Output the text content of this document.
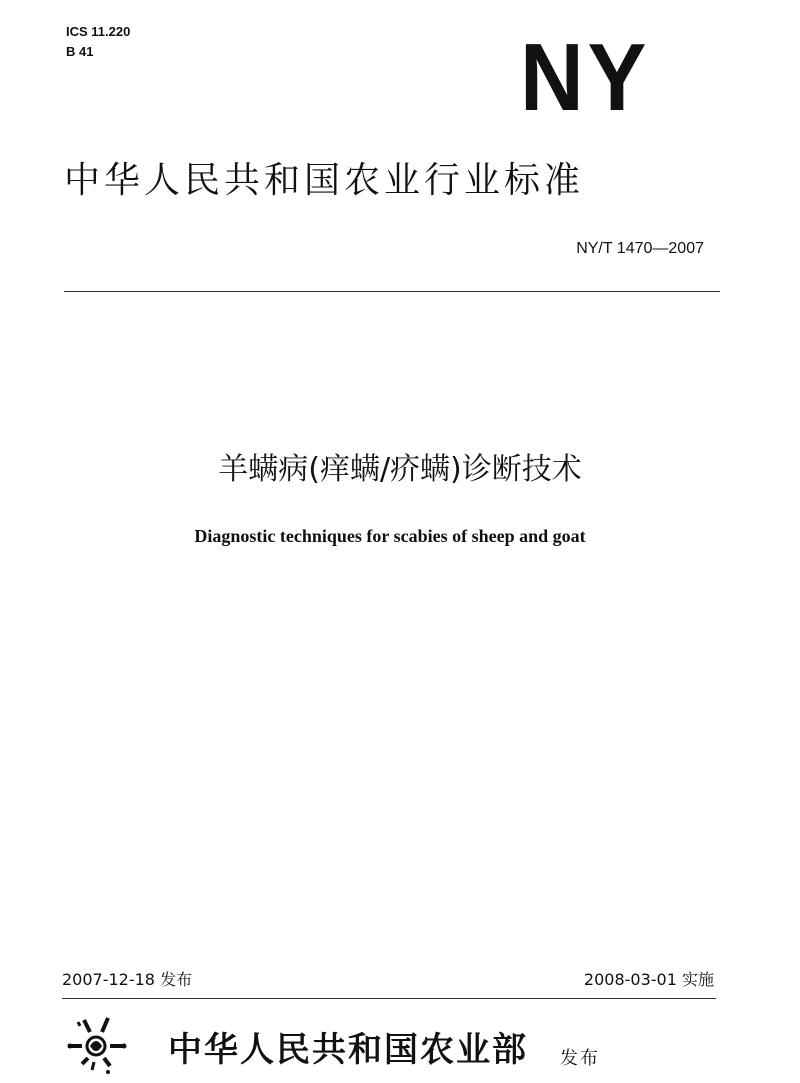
ICS 11.220
B 41	NY
中华人民共和国农业行业标准
NY/T 1470—2007
羊螨病(痒螨/疥螨)诊断技术
Diagnostic techniques for scabies of sheep and goat
2007-12-18 发布	2008-03-01 实施
中华人民共和国农业部 发布
